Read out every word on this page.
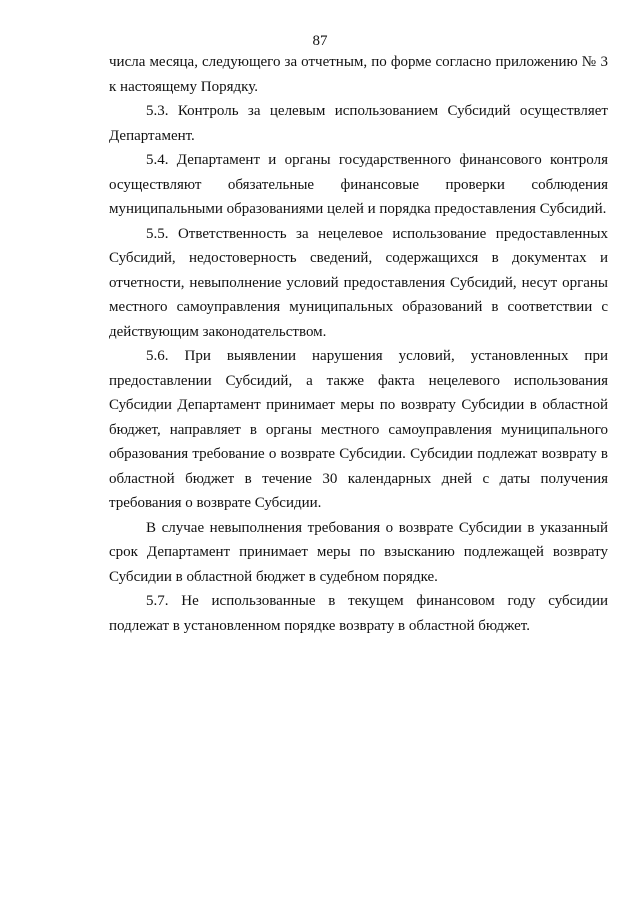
87

числа месяца, следующего за отчетным, по форме согласно приложению № 3 к настоящему Порядку.

5.3. Контроль за целевым использованием Субсидий осуществляет Департамент.

5.4. Департамент и органы государственного финансового контроля осуществляют обязательные финансовые проверки соблюдения муниципальными образованиями целей и порядка предоставления Субсидий.

5.5. Ответственность за нецелевое использование предоставленных Субсидий, недостоверность сведений, содержащихся в документах и отчетности, невыполнение условий предоставления Субсидий, несут органы местного самоуправления муниципальных образований в соответствии с действующим законодательством.

5.6. При выявлении нарушения условий, установленных при предоставлении Субсидий, а также факта нецелевого использования Субсидии Департамент принимает меры по возврату Субсидии в областной бюджет, направляет в органы местного самоуправления муниципального образования требование о возврате Субсидии. Субсидии подлежат возврату в областной бюджет в течение 30 календарных дней с даты получения требования о возврате Субсидии.

В случае невыполнения требования о возврате Субсидии в указанный срок Департамент принимает меры по взысканию подлежащей возврату Субсидии в областной бюджет в судебном порядке.

5.7. Не использованные в текущем финансовом году субсидии подлежат в установленном порядке возврату в областной бюджет.
